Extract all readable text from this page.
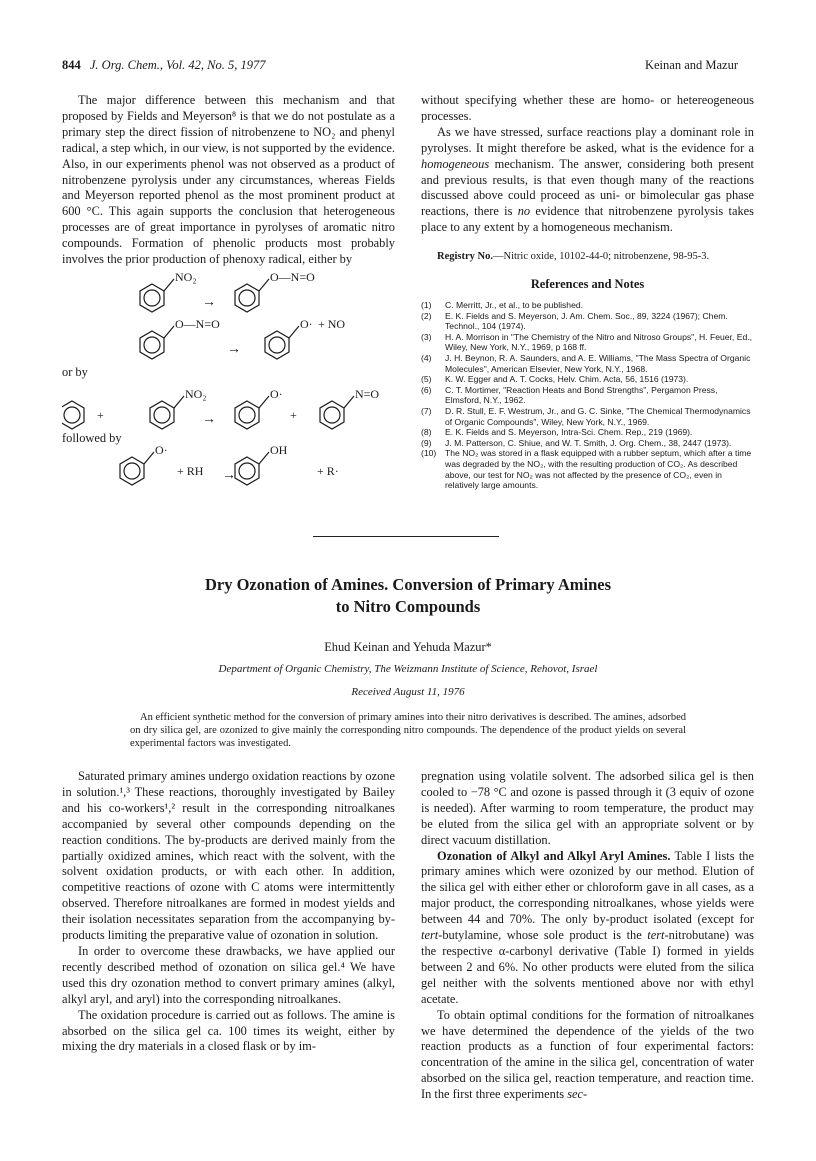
844 J. Org. Chem., Vol. 42, No. 5, 1977	Keinan and Mazur

The major difference between this mechanism and that proposed by Fields and Meyerson⁸ is that we do not postulate as a primary step the direct fission of nitrobenzene to NO₂ and phenyl radical, a step which, in our view, is not supported by the evidence. Also, in our experiments phenol was not observed as a product of nitrobenzene pyrolysis under any circumstances, whereas Fields and Meyerson reported phenol as the most prominent product at 600 °C. This again supports the conclusion that heterogeneous processes are of great importance in pyrolyses of aromatic nitro compounds. Formation of phenolic products most probably involves the prior production of phenoxy radical, either by

NO₂	O—N=O
O—N=O	O· + NO
NO₂	O·	N=O
O·	OH
→
→
→
→
+	+
+ RH	+ R·
or by
followed by

without specifying whether these are homo- or hetereogeneous processes.

As we have stressed, surface reactions play a dominant role in pyrolyses. It might therefore be asked, what is the evidence for a homogeneous mechanism. The answer, considering both present and previous results, is that even though many of the reactions discussed above could proceed as uni- or bimolecular gas phase reactions, there is no evidence that nitrobenzene pyrolysis takes place to any extent by a homogeneous mechanism.

Registry No.—Nitric oxide, 10102-44-0; nitrobenzene, 98-95-3.
References and Notes
(1)	C. Merritt, Jr., et al., to be published.
(2)	E. K. Fields and S. Meyerson, J. Am. Chem. Soc., 89, 3224 (1967); Chem. Technol., 104 (1974).
(3)	H. A. Morrison in "The Chemistry of the Nitro and Nitroso Groups", H. Feuer, Ed., Wiley, New York, N.Y., 1969, p 168 ff.
(4)	J. H. Beynon, R. A. Saunders, and A. E. Williams, "The Mass Spectra of Organic Molecules", American Elsevier, New York, N.Y., 1968.
(5)	K. W. Egger and A. T. Cocks, Helv. Chim. Acta, 56, 1516 (1973).
(6)	C. T. Mortimer, "Reaction Heats and Bond Strengths", Pergamon Press, Elmsford, N.Y., 1962.
(7)	D. R. Stull, E. F. Westrum, Jr., and G. C. Sinke, "The Chemical Thermodynamics of Organic Compounds", Wiley, New York, N.Y., 1969.
(8)	E. K. Fields and S. Meyerson, Intra-Sci. Chem. Rep., 219 (1969).
(9)	J. M. Patterson, C. Shiue, and W. T. Smith, J. Org. Chem., 38, 2447 (1973).
(10)	The NO₂ was stored in a flask equipped with a rubber septum, which after a time was degraded by the NO₂, with the resulting production of CO₂. As described above, our test for NO₂ was not affected by the presence of CO₂, even in relatively large amounts.
Dry Ozonation of Amines. Conversion of Primary Amines
to Nitro Compounds
Ehud Keinan and Yehuda Mazur*
Department of Organic Chemistry, The Weizmann Institute of Science, Rehovot, Israel
Received August 11, 1976

An efficient synthetic method for the conversion of primary amines into their nitro derivatives is described. The amines, adsorbed on dry silica gel, are ozonized to give mainly the corresponding nitro compounds. The dependence of the product yields on several experimental factors was investigated.

Saturated primary amines undergo oxidation reactions by ozone in solution.¹,³ These reactions, thoroughly investigated by Bailey and his co-workers¹,² result in the corresponding nitroalkanes accompanied by several other compounds depending on the reaction conditions. The by-products are derived mainly from the partially oxidized amines, which react with the solvent, with the solvent oxidation products, or with each other. In addition, competitive reactions of ozone with C atoms were intermittently observed. Therefore nitroalkanes are formed in modest yields and their isolation necessitates separation from the accompanying by-products limiting the preparative value of ozonation in solution.

In order to overcome these drawbacks, we have applied our recently described method of ozonation on silica gel.⁴ We have used this dry ozonation method to convert primary amines (alkyl, alkyl aryl, and aryl) into the corresponding nitroalkanes.

The oxidation procedure is carried out as follows. The amine is absorbed on the silica gel ca. 100 times its weight, either by mixing the dry materials in a closed flask or by im-

pregnation using volatile solvent. The adsorbed silica gel is then cooled to −78 °C and ozone is passed through it (3 equiv of ozone is needed). After warming to room temperature, the product may be eluted from the silica gel with an appropriate solvent or by direct vacuum distillation.

Ozonation of Alkyl and Alkyl Aryl Amines. Table I lists the primary amines which were ozonized by our method. Elution of the silica gel with either ether or chloroform gave in all cases, as a major product, the corresponding nitroalkanes, whose yields were between 44 and 70%. The only by-product isolated (except for tert-butylamine, whose sole product is the tert-nitrobutane) was the respective α-carbonyl derivative (Table I) formed in yields between 2 and 6%. No other products were eluted from the silica gel neither with the solvents mentioned above nor with ethyl acetate.

To obtain optimal conditions for the formation of nitroalkanes we have determined the dependence of the yields of the two reaction products as a function of four experimental factors: concentration of the amine in the silica gel, concentration of water absorbed on the silica gel, reaction temperature, and reaction time. In the first three experiments sec-
